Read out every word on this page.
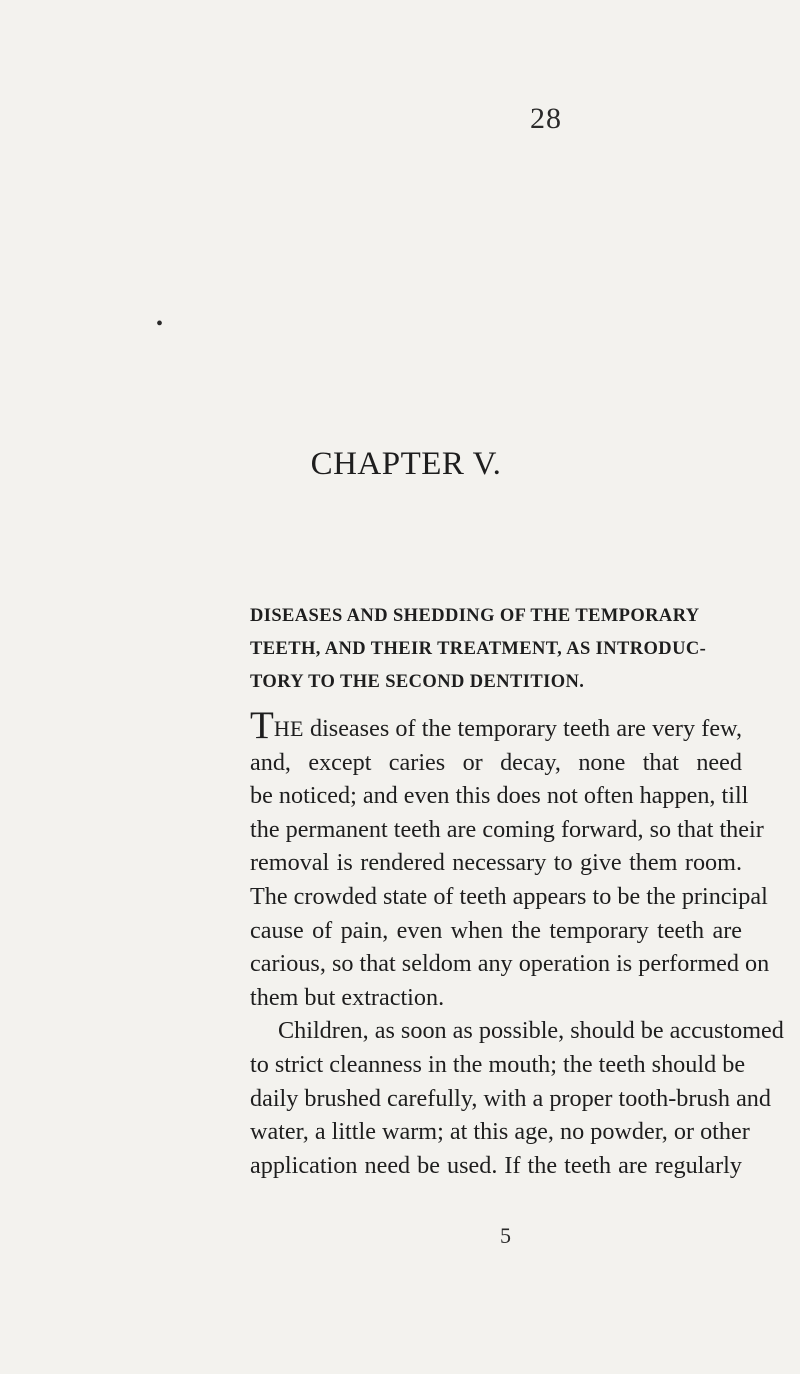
28
•
CHAPTER V.
DISEASES AND SHEDDING OF THE TEMPORARY
TEETH, AND THEIR TREATMENT, AS INTRODUC-
TORY TO THE SECOND DENTITION.
THE diseases of the temporary teeth are very few,
and, except caries or decay, none that need
be noticed; and even this does not often happen, till
the permanent teeth are coming forward, so that their
removal is rendered necessary to give them room.
The crowded state of teeth appears to be the principal
cause of pain, even when the temporary teeth are
carious, so that seldom any operation is performed on
them but extraction.
Children, as soon as possible, should be accustomed
to strict cleanness in the mouth; the teeth should be
daily brushed carefully, with a proper tooth-brush and
water, a little warm; at this age, no powder, or other
application need be used. If the teeth are regularly
5
